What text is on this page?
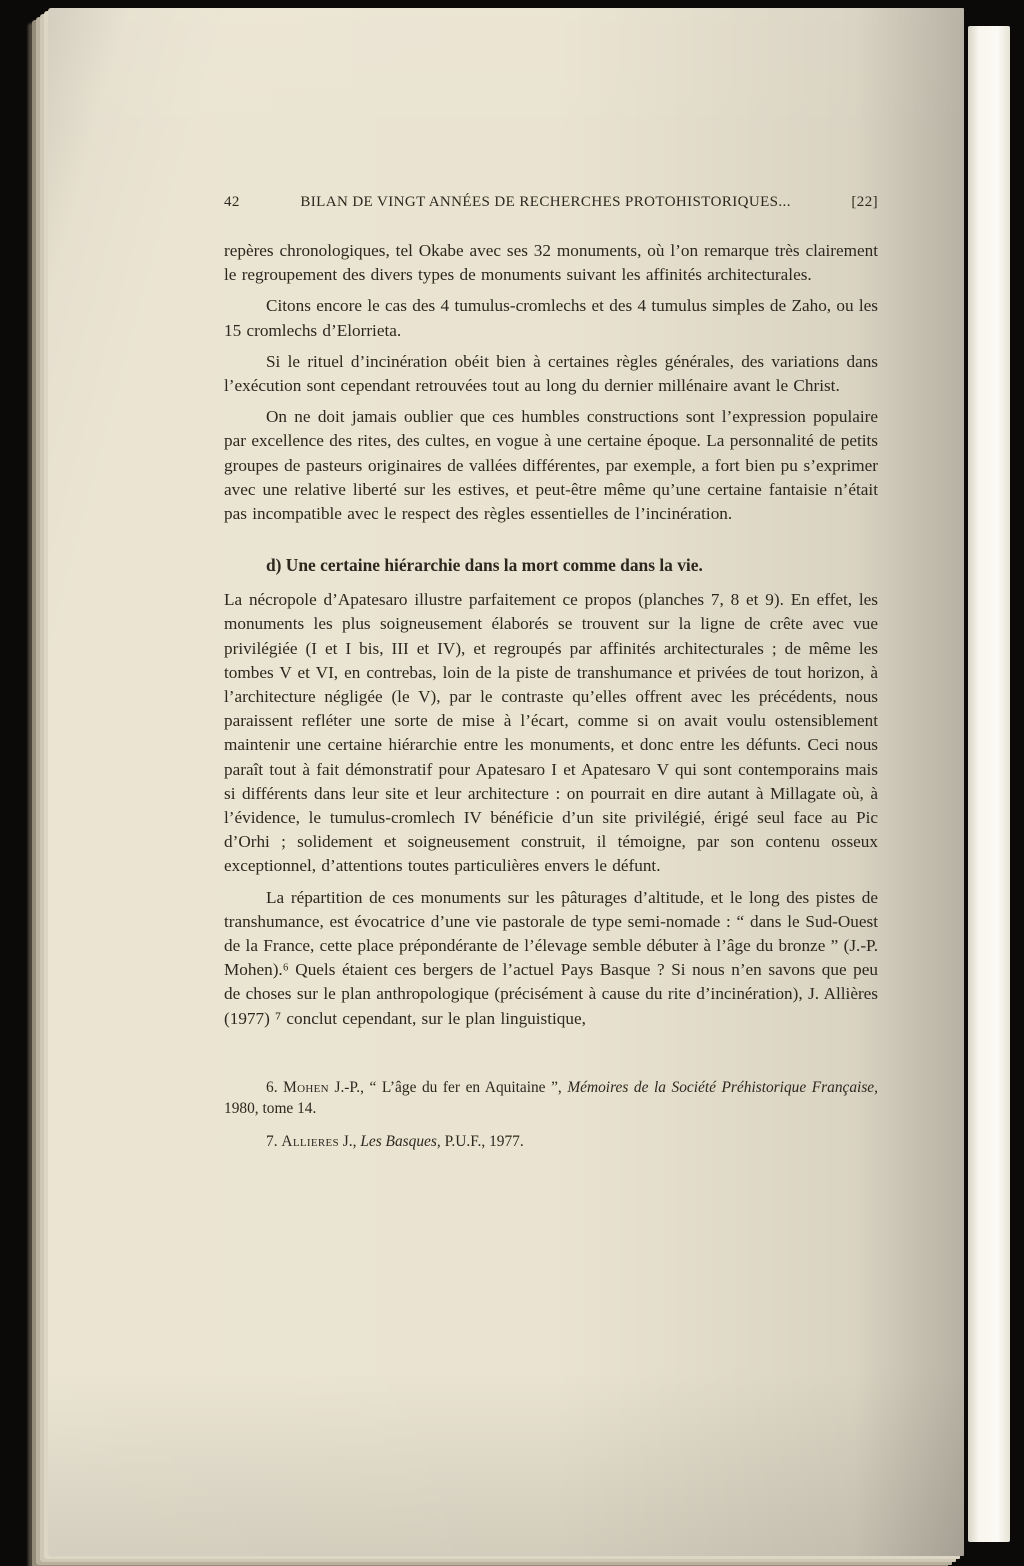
42	BILAN DE VINGT ANNÉES DE RECHERCHES PROTOHISTORIQUES...	[22]

repères chronologiques, tel Okabe avec ses 32 monuments, où l’on remarque très clairement le regroupement des divers types de monuments suivant les affinités architecturales.

Citons encore le cas des 4 tumulus-cromlechs et des 4 tumulus simples de Zaho, ou les 15 cromlechs d’Elorrieta.

Si le rituel d’incinération obéit bien à certaines règles générales, des variations dans l’exécution sont cependant retrouvées tout au long du dernier millénaire avant le Christ.

On ne doit jamais oublier que ces humbles constructions sont l’expression populaire par excellence des rites, des cultes, en vogue à une certaine époque. La personnalité de petits groupes de pasteurs originaires de vallées différentes, par exemple, a fort bien pu s’exprimer avec une relative liberté sur les estives, et peut-être même qu’une certaine fantaisie n’était pas incompatible avec le respect des règles essentielles de l’incinération.

d) Une certaine hiérarchie dans la mort comme dans la vie.

La nécropole d’Apatesaro illustre parfaitement ce propos (planches 7, 8 et 9). En effet, les monuments les plus soigneusement élaborés se trouvent sur la ligne de crête avec vue privilégiée (I et I bis, III et IV), et regroupés par affinités architecturales ; de même les tombes V et VI, en contrebas, loin de la piste de transhumance et privées de tout horizon, à l’architecture négligée (le V), par le contraste qu’elles offrent avec les précédents, nous paraissent refléter une sorte de mise à l’écart, comme si on avait voulu ostensiblement maintenir une certaine hiérarchie entre les monuments, et donc entre les défunts. Ceci nous paraît tout à fait démonstratif pour Apatesaro I et Apatesaro V qui sont contemporains mais si différents dans leur site et leur architecture : on pourrait en dire autant à Millagate où, à l’évidence, le tumulus-cromlech IV bénéficie d’un site privilégié, érigé seul face au Pic d’Orhi ; solidement et soigneusement construit, il témoigne, par son contenu osseux exceptionnel, d’attentions toutes particulières envers le défunt.

La répartition de ces monuments sur les pâturages d’altitude, et le long des pistes de transhumance, est évocatrice d’une vie pastorale de type semi-nomade : “ dans le Sud-Ouest de la France, cette place prépondérante de l’élevage semble débuter à l’âge du bronze ” (J.-P. Mohen).⁶ Quels étaient ces bergers de l’actuel Pays Basque ? Si nous n’en savons que peu de choses sur le plan anthropologique (précisément à cause du rite d’incinération), J. Allières (1977) ⁷ conclut cependant, sur le plan linguistique,

6. Mohen J.-P., “ L’âge du fer en Aquitaine ”, Mémoires de la Société Préhistorique Française, 1980, tome 14.

7. Allieres J., Les Basques, P.U.F., 1977.
